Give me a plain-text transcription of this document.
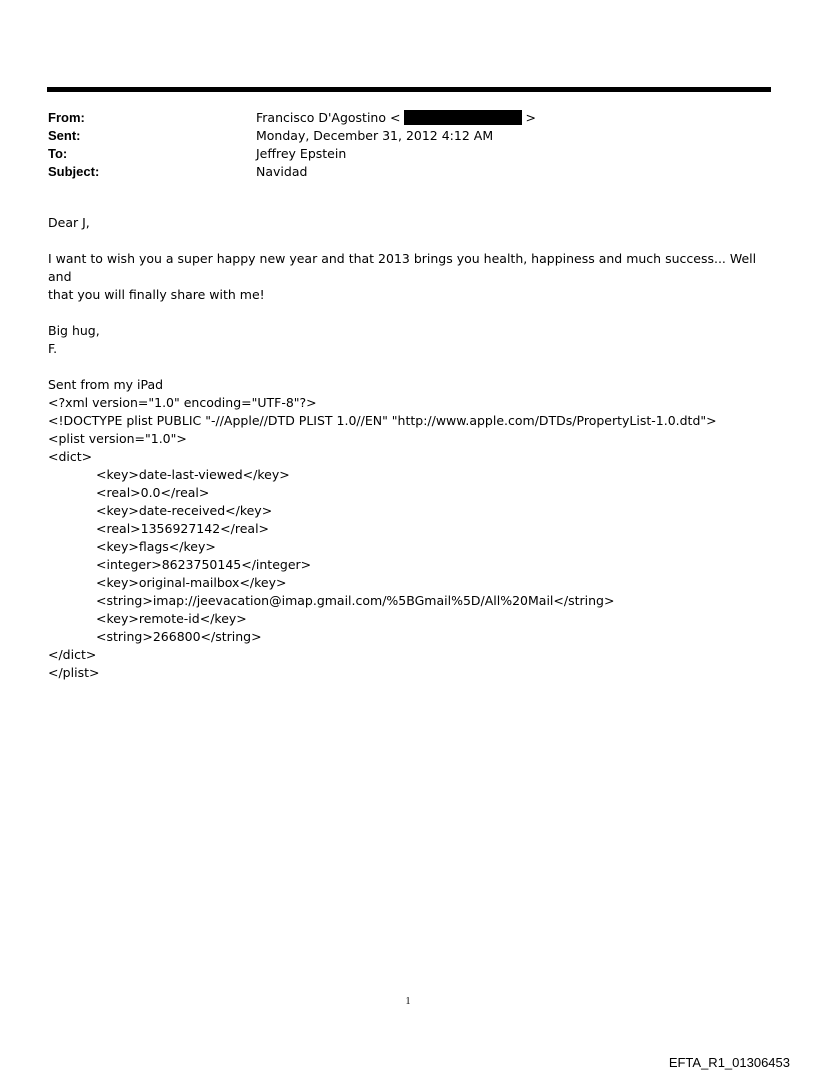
From:	Francisco D'Agostino <	>
Sent:	Monday, December 31, 2012 4:12 AM
To:	Jeffrey Epstein
Subject:	Navidad

Dear J,

I want to wish you a super happy new year and that 2013 brings you health, happiness and much success... Well and

that you will finally share with me!

Big hug,

F.

Sent from my iPad

<?xml version="1.0" encoding="UTF-8"?>

<!DOCTYPE plist PUBLIC "-//Apple//DTD PLIST 1.0//EN" "http://www.apple.com/DTDs/PropertyList-1.0.dtd">

<plist version="1.0">

<dict>

<key>date-last-viewed</key>

<real>0.0</real>

<key>date-received</key>

<real>1356927142</real>

<key>flags</key>

<integer>8623750145</integer>

<key>original-mailbox</key>

<string>imap://jeevacation@imap.gmail.com/%5BGmail%5D/All%20Mail</string>

<key>remote-id</key>

<string>266800</string>

</dict>

</plist>

1
EFTA_R1_01306453
